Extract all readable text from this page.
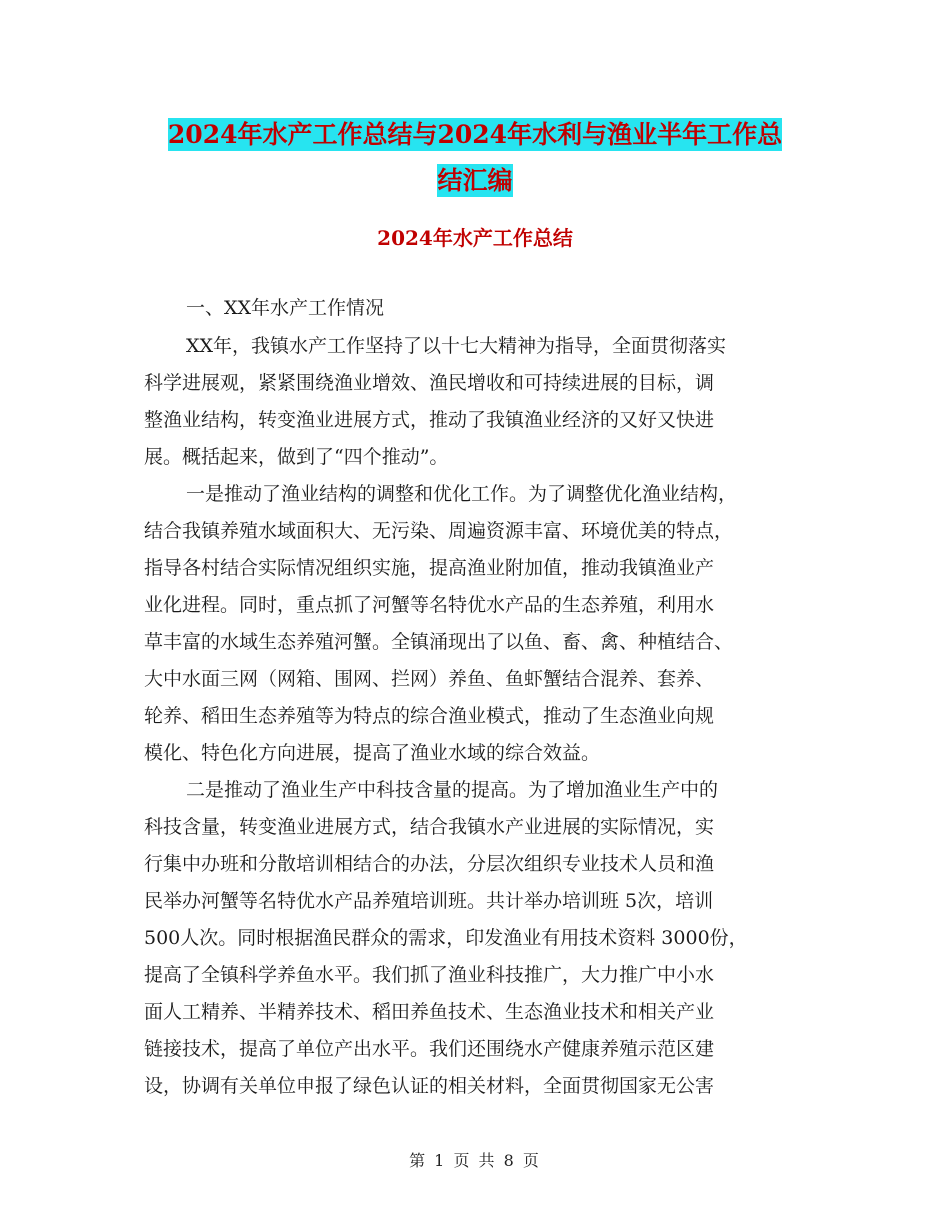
2024年水产工作总结与2024年水利与渔业半年工作总
结汇编
2024年水产工作总结
一、XX年水产工作情况
XX年，我镇水产工作坚持了以十七大精神为指导，全面贯彻落实
科学进展观，紧紧围绕渔业增效、渔民增收和可持续进展的目标，调
整渔业结构，转变渔业进展方式，推动了我镇渔业经济的又好又快进
展。概括起来，做到了“四个推动”。
一是推动了渔业结构的调整和优化工作。为了调整优化渔业结构，
结合我镇养殖水域面积大、无污染、周遍资源丰富、环境优美的特点，
指导各村结合实际情况组织实施，提高渔业附加值，推动我镇渔业产
业化进程。同时，重点抓了河蟹等名特优水产品的生态养殖，利用水
草丰富的水域生态养殖河蟹。全镇涌现出了以鱼、畜、禽、种植结合、
大中水面三网（网箱、围网、拦网）养鱼、鱼虾蟹结合混养、套养、
轮养、稻田生态养殖等为特点的综合渔业模式，推动了生态渔业向规
模化、特色化方向进展，提高了渔业水域的综合效益。
二是推动了渔业生产中科技含量的提高。为了增加渔业生产中的
科技含量，转变渔业进展方式，结合我镇水产业进展的实际情况，实
行集中办班和分散培训相结合的办法，分层次组织专业技术人员和渔
民举办河蟹等名特优水产品养殖培训班。共计举办培训班 5次，培训
500人次。同时根据渔民群众的需求，印发渔业有用技术资料 3000份，
提高了全镇科学养鱼水平。我们抓了渔业科技推广，大力推广中小水
面人工精养、半精养技术、稻田养鱼技术、生态渔业技术和相关产业
链接技术，提高了单位产出水平。我们还围绕水产健康养殖示范区建
设，协调有关单位申报了绿色认证的相关材料，全面贯彻国家无公害
第 1 页 共 8 页
